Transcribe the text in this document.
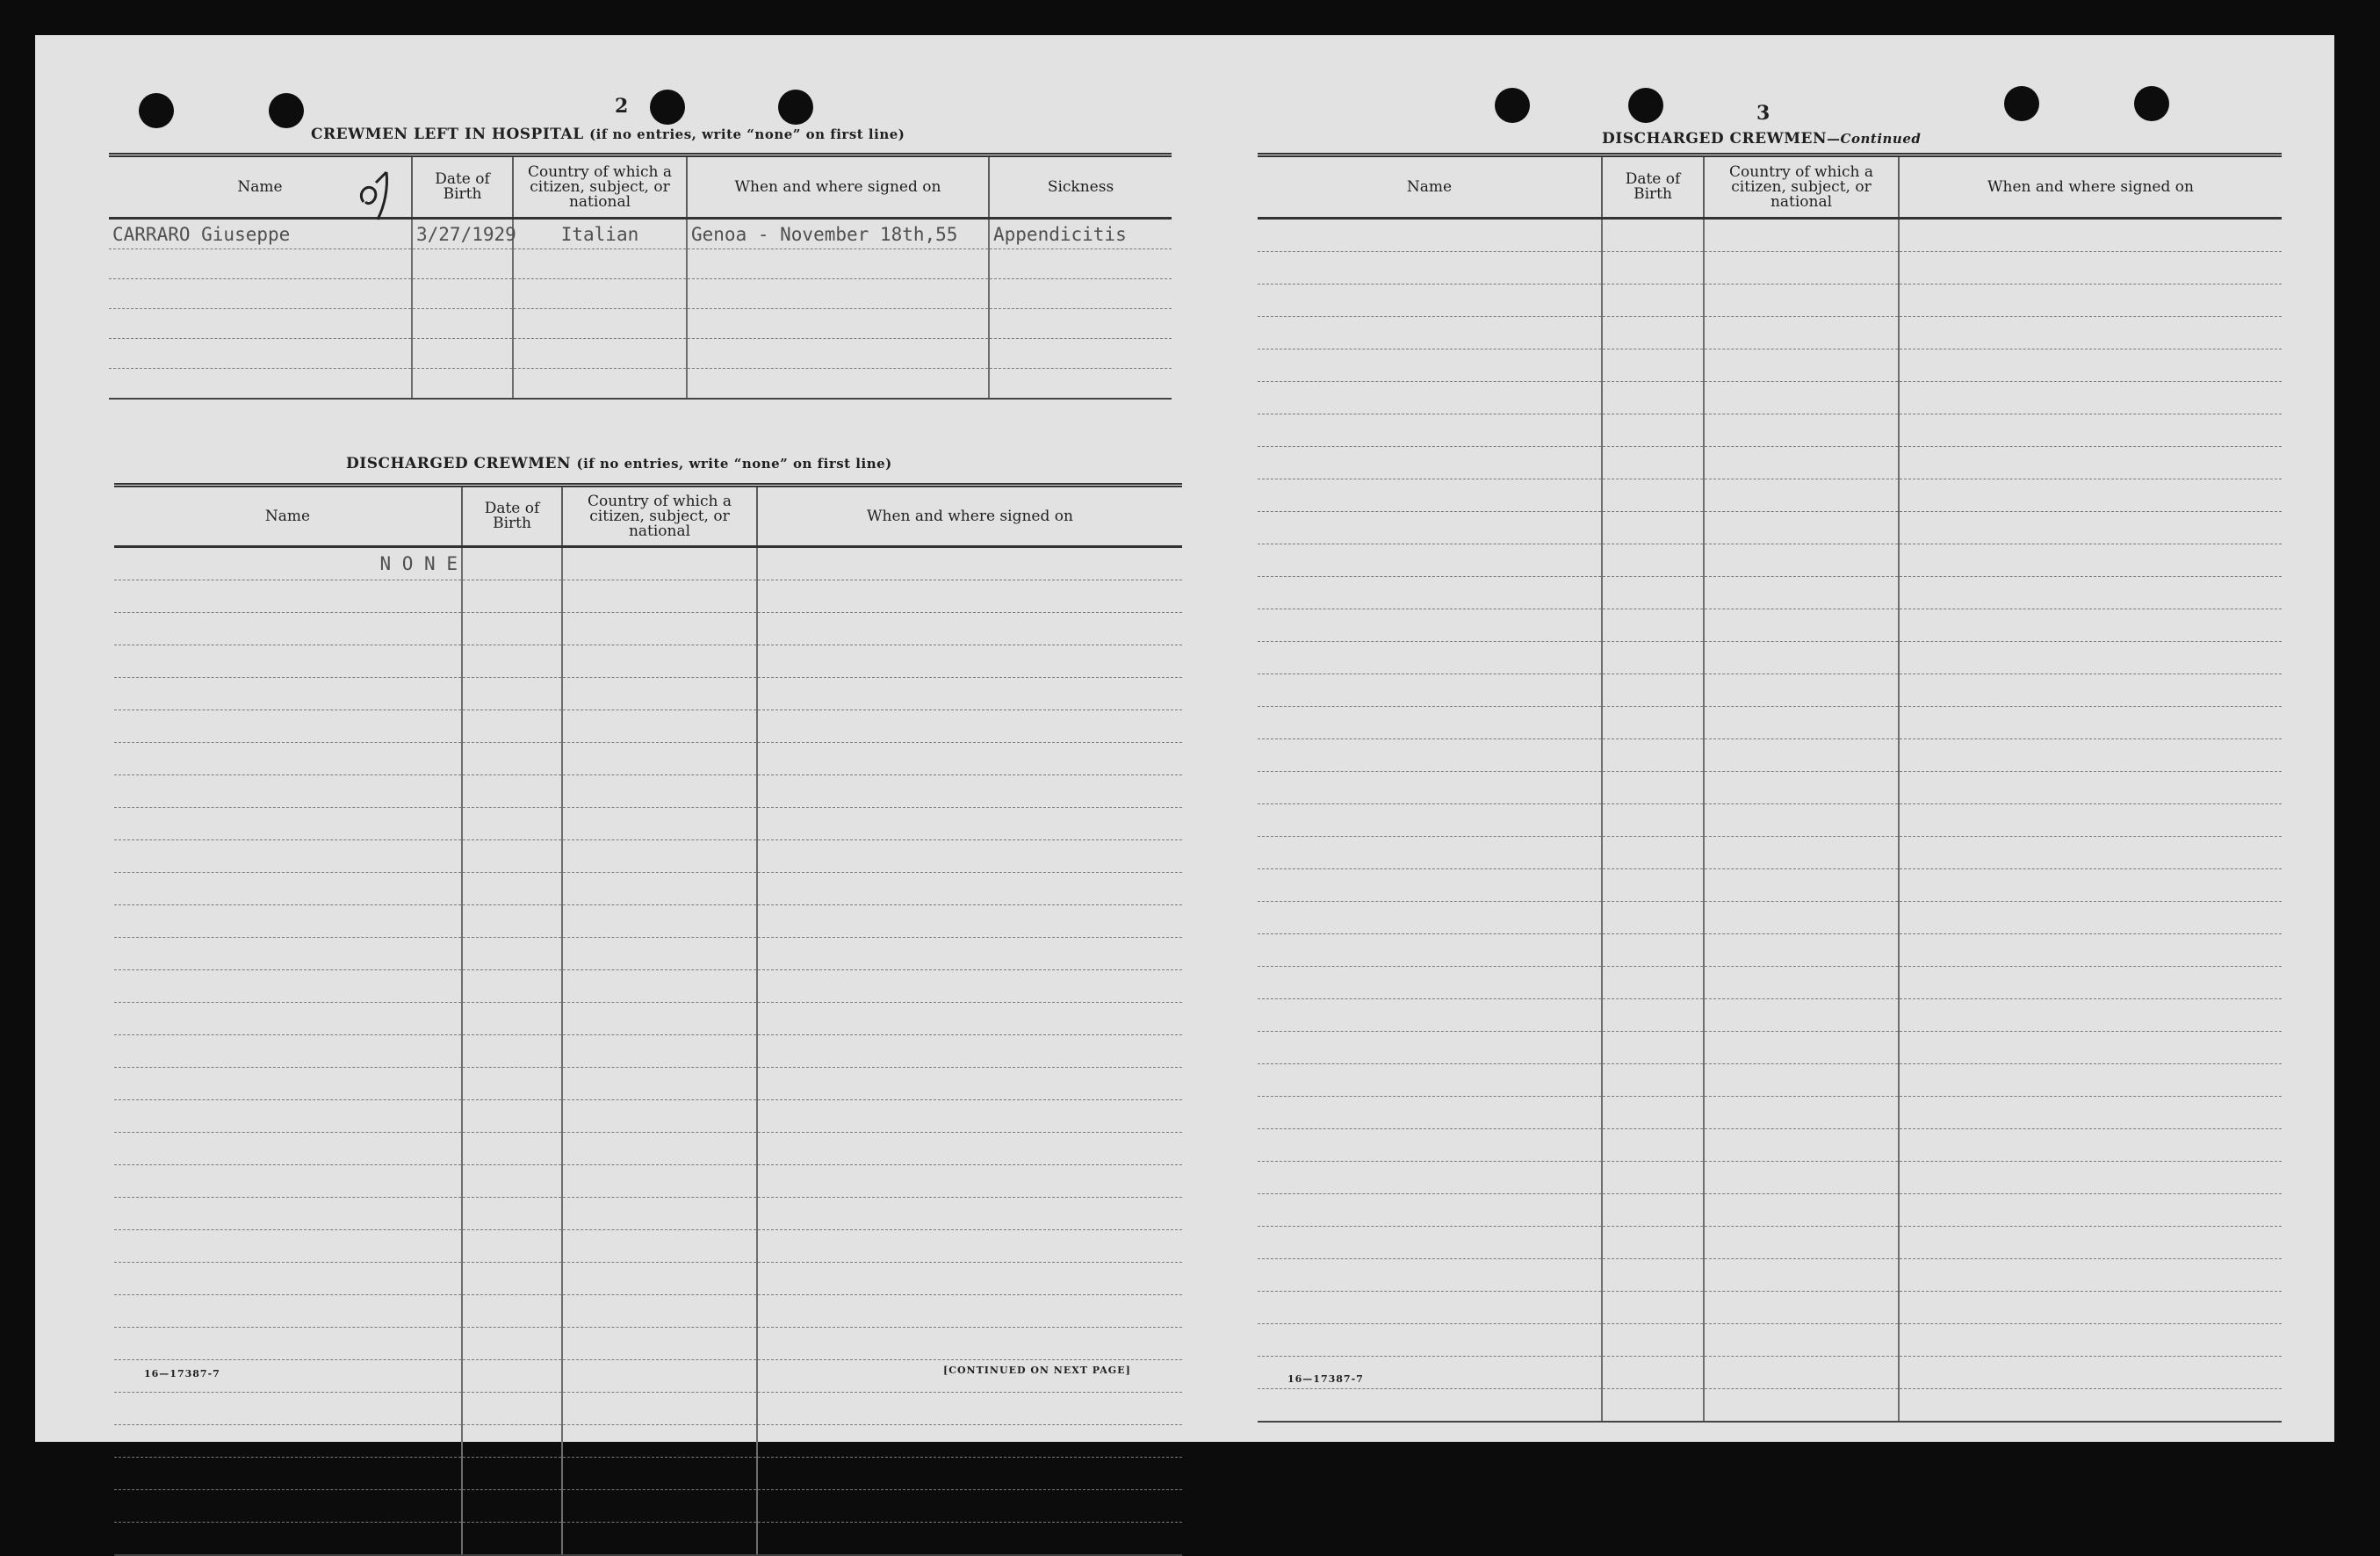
2
CREWMEN LEFT IN HOSPITAL (if no entries, write “none” on first line)
Name	Date of Birth	Country of which a citizen, subject, or national	When and where signed on	Sickness
CARRARO Giuseppe	3/27/1929	Italian	Genoa - November 18th,55	Appendicitis

DISCHARGED CREWMEN (if no entries, write “none” on first line)
Name	Date of Birth	Country of which a citizen, subject, or national	When and where signed on
N O N E			

16—17387-7	[CONTINUED ON NEXT PAGE]
3
DISCHARGED CREWMEN—Continued
Name	Date of Birth	Country of which a citizen, subject, or national	When and where signed on

16—17387-7
